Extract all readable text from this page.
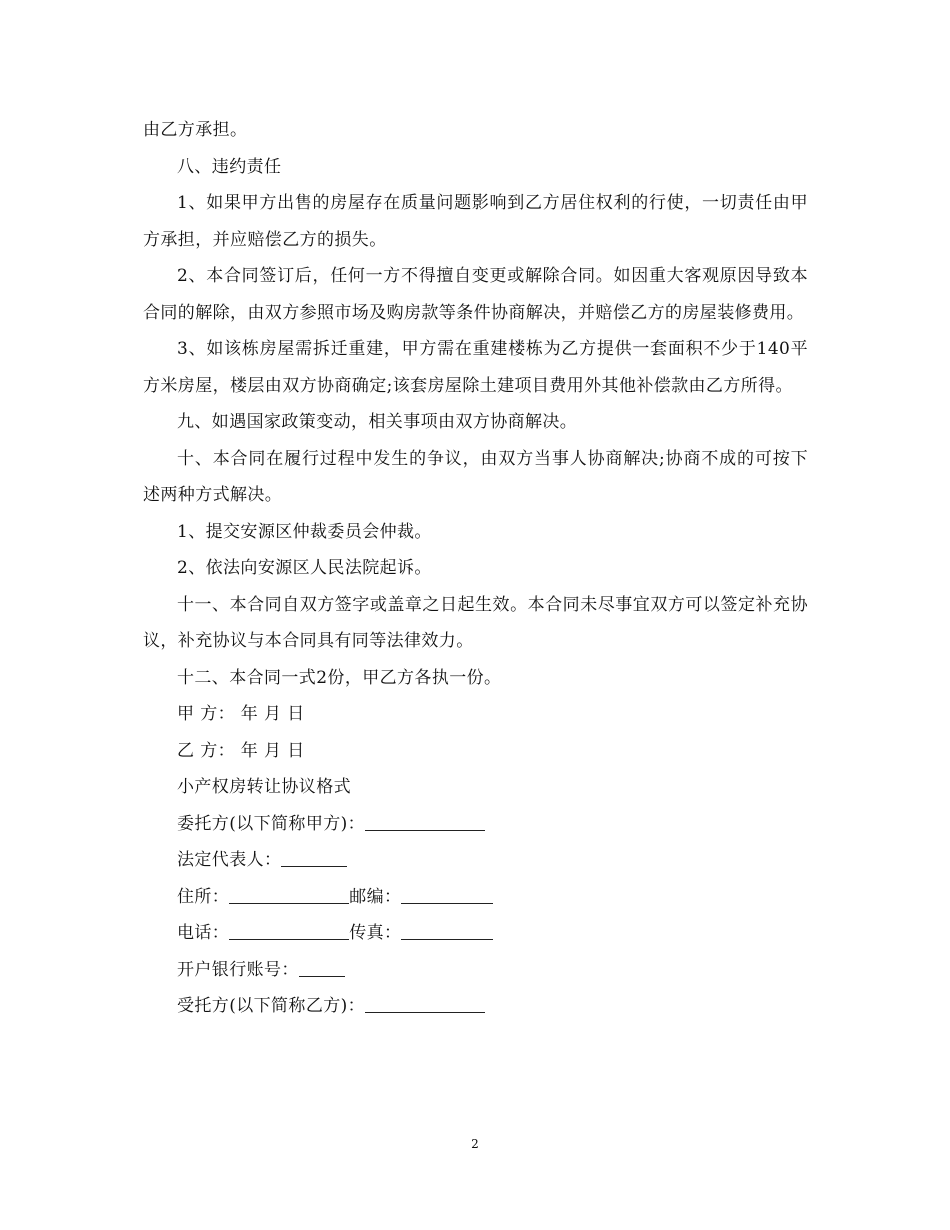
由乙方承担。

八、违约责任

1、如果甲方出售的房屋存在质量问题影响到乙方居住权利的行使，一切责任由甲方承担，并应赔偿乙方的损失。

2、本合同签订后，任何一方不得擅自变更或解除合同。如因重大客观原因导致本合同的解除，由双方参照市场及购房款等条件协商解决，并赔偿乙方的房屋装修费用。

3、如该栋房屋需拆迁重建，甲方需在重建楼栋为乙方提供一套面积不少于140平方米房屋，楼层由双方协商确定;该套房屋除土建项目费用外其他补偿款由乙方所得。

九、如遇国家政策变动，相关事项由双方协商解决。

十、本合同在履行过程中发生的争议，由双方当事人协商解决;协商不成的可按下述两种方式解决。

1、提交安源区仲裁委员会仲裁。

2、依法向安源区人民法院起诉。

十一、本合同自双方签字或盖章之日起生效。本合同未尽事宜双方可以签定补充协议，补充协议与本合同具有同等法律效力。

十二、本合同一式2份，甲乙方各执一份。

甲 方： 年 月 日

乙 方： 年 月 日

小产权房转让协议格式

委托方(以下简称甲方)：

法定代表人：

住所：	邮编：

电话：	传真：

开户银行账号：

受托方(以下简称乙方)：

2
